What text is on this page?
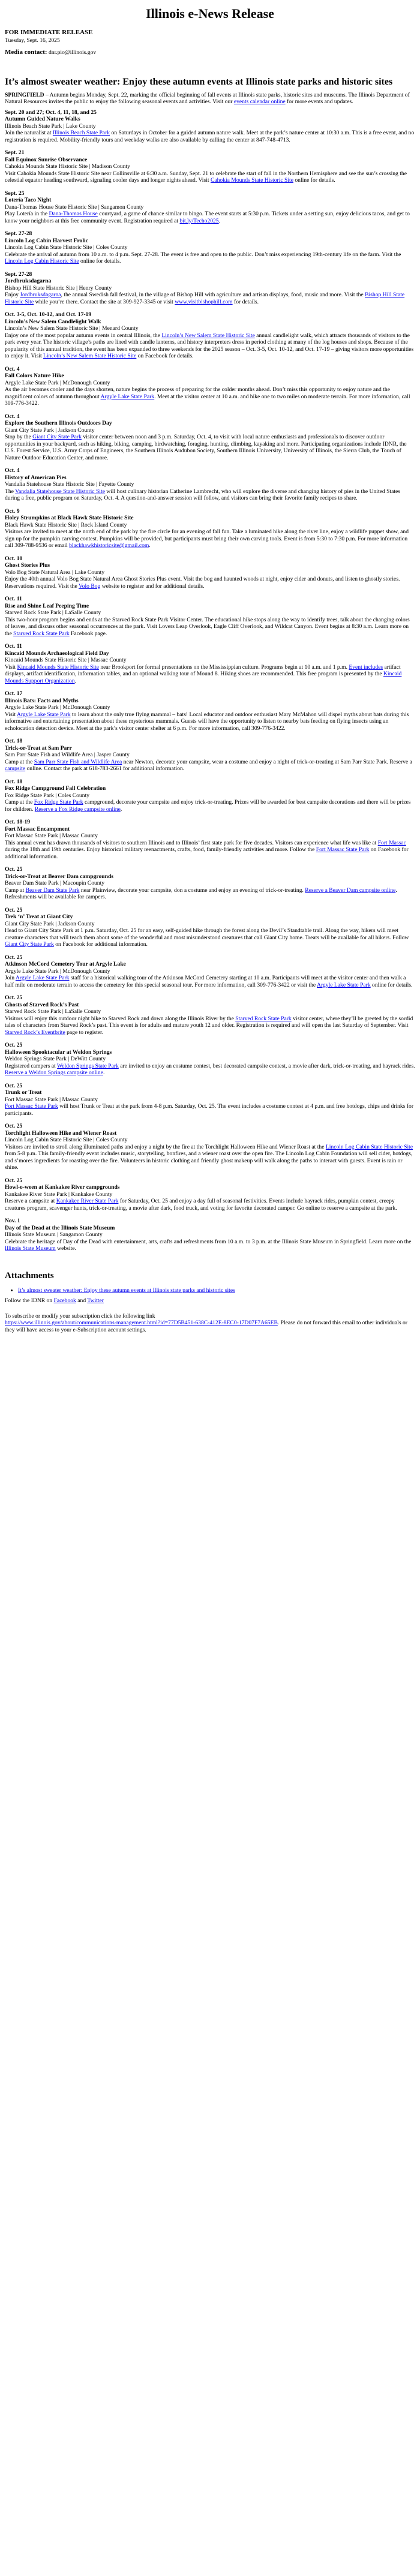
Illinois e-News Release
FOR IMMEDIATE RELEASE
Tuesday, Sept. 16, 2025
Media contact: dnr.pio@illinois.gov
It’s almost sweater weather: Enjoy these autumn events at Illinois state parks and historic sites

SPRINGFIELD – Autumn begins Monday, Sept. 22, marking the official beginning of fall events at Illinois state parks, historic sites and museums. The Illinois Department of Natural Resources invites the public to enjoy the following seasonal events and activities. Visit our events calendar online for more events and updates.

Sept. 20 and 27; Oct. 4, 11, 18, and 25
Autumn Guided Nature Walks
Illinois Beach State Park | Lake County
Join the naturalist at Illinois Beach State Park on Saturdays in October for a guided autumn nature walk. Meet at the park’s nature center at 10:30 a.m. This is a free event, and no registration is required. Mobility-friendly tours and weekday walks are also available by calling the center at 847-748-4713.
Sept. 21
Fall Equinox Sunrise Observance
Cahokia Mounds State Historic Site | Madison County
Visit Cahokia Mounds State Historic Site near Collinsville at 6:30 a.m. Sunday, Sept. 21 to celebrate the start of fall in the Northern Hemisphere and see the sun’s crossing the celestial equator heading southward, signaling cooler days and longer nights ahead. Visit Cahokia Mounds State Historic Site online for details.
Sept. 25
Lotería Taco Night
Dana-Thomas House State Historic Site | Sangamon County
Play Lotería in the Dana-Thomas House courtyard, a game of chance similar to bingo. The event starts at 5:30 p.m. Tickets under a setting sun, enjoy delicious tacos, and get to know your neighbors at this free community event. Registration required at bit.ly/Techo2025.
Sept. 27-28
Lincoln Log Cabin Harvest Frolic
Lincoln Log Cabin State Historic Site | Coles County
Celebrate the arrival of autumn from 10 a.m. to 4 p.m. Sept. 27-28. The event is free and open to the public. Don’t miss experiencing 19th-century life on the farm. Visit the Lincoln Log Cabin Historic Site online for details.
Sept. 27-28
Jordbruksdagarna
Bishop Hill State Historic Site | Henry County
Enjoy Jordbruksdagarna, the annual Swedish fall festival, in the village of Bishop Hill with agriculture and artisan displays, food, music and more. Visit the Bishop Hill State Historic Site while you’re there. Contact the site at 309-927-3345 or visit www.visitbishophill.com for details.
Oct. 3-5, Oct. 10-12, and Oct. 17-19
Lincoln’s New Salem Candlelight Walk
Lincoln’s New Salem State Historic Site | Menard County
Enjoy one of the most popular autumn events in central Illinois, the Lincoln’s New Salem State Historic Site annual candlelight walk, which attracts thousands of visitors to the park every year. The historic village’s paths are lined with candle lanterns, and history interpreters dress in period clothing at many of the log houses and shops. Because of the popularity of this annual tradition, the event has been expanded to three weekends for the 2025 season – Oct. 3-5, Oct. 10-12, and Oct. 17-19 – giving visitors more opportunities to enjoy it. Visit Lincoln’s New Salem State Historic Site on Facebook for details.
Oct. 4
Fall Colors Nature Hike
Argyle Lake State Park | McDonough County
As the air becomes cooler and the days shorten, nature begins the process of preparing for the colder months ahead. Don’t miss this opportunity to enjoy nature and the magnificent colors of autumn throughout Argyle Lake State Park. Meet at the visitor center at 10 a.m. and hike one to two miles on moderate terrain. For more information, call 309-776-3422.
Oct. 4
Explore the Southern Illinois Outdoors Day
Giant City State Park | Jackson County
Stop by the Giant City State Park visitor center between noon and 3 p.m. Saturday, Oct. 4, to visit with local nature enthusiasts and professionals to discover outdoor opportunities in your backyard, such as hiking, biking, camping, birdwatching, foraging, hunting, climbing, kayaking and more. Participating organizations include IDNR, the U.S. Forest Service, U.S. Army Corps of Engineers, the Southern Illinois Audubon Society, Southern Illinois University, University of Illinois, the Sierra Club, the Touch of Nature Outdoor Education Center, and more.
Oct. 4
History of American Pies
Vandalia Statehouse State Historic Site | Fayette County
The Vandalia Statehouse State Historic Site will host culinary historian Catherine Lambrecht, who will explore the diverse and changing history of pies in the United States during a free, public program on Saturday, Oct. 4. A question-and-answer session will follow, and visitors can bring their favorite family recipes to share.
Oct. 9
Holey Strumpkins at Black Hawk State Historic Site
Black Hawk State Historic Site | Rock Island County
Visitors are invited to meet at the north end of the park by the fire circle for an evening of fall fun. Take a luminated hike along the river line, enjoy a wildlife puppet show, and sign up for the pumpkin carving contest. Pumpkins will be provided, but participants must bring their own carving tools. Event is from 5:30 to 7:30 p.m. For more information call 309-788-9536 or email blackhawkhistoricsite@gmail.com.
Oct. 10
Ghost Stories Plus
Volo Bog State Natural Area | Lake County
Enjoy the 40th annual Volo Bog State Natural Area Ghost Stories Plus event. Visit the bog and haunted woods at night, enjoy cider and donuts, and listen to ghostly stories. Reservations required. Visit the Volo Bog website to register and for additional details.
Oct. 11
Rise and Shine Leaf Peeping Time
Starved Rock State Park | LaSalle County
This two-hour program begins and ends at the Starved Rock State Park Visitor Center. The educational hike stops along the way to identify trees, talk about the changing colors of leaves, and discuss other seasonal occurrences at the park. Visit Lovers Leap Overlook, Eagle Cliff Overlook, and Wildcat Canyon. Event begins at 8:30 a.m. Learn more on the Starved Rock State Park Facebook page.
Oct. 11
Kincaid Mounds Archaeological Field Day
Kincaid Mounds State Historic Site | Massac County
Visit Kincaid Mounds State Historic Site near Brookport for formal presentations on the Mississippian culture. Programs begin at 10 a.m. and 1 p.m. Event includes artifact displays, artifact identification, information tables, and an optional walking tour of Mound 8. Hiking shoes are recommended. This free program is presented by the Kincaid Mounds Support Organization.
Oct. 17
Illinois Bats: Facts and Myths
Argyle Lake State Park | McDonough County
Visit Argyle Lake State Park to learn about the only true flying mammal – bats! Local educator and outdoor enthusiast Mary McMahon will dispel myths about bats during this informative and entertaining presentation about these mysterious mammals. Guests will have the opportunity to listen to nearby bats feeding on flying insects using an echolocation detection device. Meet at the park’s visitor center shelter at 6 p.m. For more information, call 309-776-3422.
Oct. 18
Trick-or-Treat at Sam Parr
Sam Parr State Fish and Wildlife Area | Jasper County
Camp at the Sam Parr State Fish and Wildlife Area near Newton, decorate your campsite, wear a costume and enjoy a night of trick-or-treating at Sam Parr State Park. Reserve a campsite online. Contact the park at 618-783-2661 for additional information.
Oct. 18
Fox Ridge Campground Fall Celebration
Fox Ridge State Park | Coles County
Camp at the Fox Ridge State Park campground, decorate your campsite and enjoy trick-or-treating. Prizes will be awarded for best campsite decorations and there will be prizes for children. Reserve a Fox Ridge campsite online.
Oct. 18-19
Fort Massac Encampment
Fort Massac State Park | Massac County
This annual event has drawn thousands of visitors to southern Illinois and to Illinois’ first state park for five decades. Visitors can experience what life was like at Fort Massac during the 18th and 19th centuries. Enjoy historical military reenactments, crafts, food, family-friendly activities and more. Follow the Fort Massac State Park on Facebook for additional information.
Oct. 25
Trick-or-Treat at Beaver Dam campgrounds
Beaver Dam State Park | Macoupin County
Camp at Beaver Dam State Park near Plainview, decorate your campsite, don a costume and enjoy an evening of trick-or-treating. Reserve a Beaver Dam campsite online. Refreshments will be available for campers.
Oct. 25
Trek ‘n’ Treat at Giant City
Giant City State Park | Jackson County
Head to Giant City State Park at 1 p.m. Saturday, Oct. 25 for an easy, self-guided hike through the forest along the Devil’s Standtable trail. Along the way, hikers will meet creature characters that will teach them about some of the wonderful and most misunderstood creatures that call Giant City home. Treats will be available for all hikers. Follow Giant City State Park on Facebook for additional information.
Oct. 25
Atkinson McCord Cemetery Tour at Argyle Lake
Argyle Lake State Park | McDonough County
Join Argyle Lake State Park staff for a historical walking tour of the Atkinson McCord Cemetery starting at 10 a.m. Participants will meet at the visitor center and then walk a half mile on moderate terrain to access the cemetery for this special seasonal tour. For more information, call 309-776-3422 or visit the Argyle Lake State Park online for details.
Oct. 25
Ghosts of Starved Rock’s Past
Starved Rock State Park | LaSalle County
Visitors will enjoy this outdoor night hike to Starved Rock and down along the Illinois River by the Starved Rock State Park visitor center, where they’ll be greeted by the sordid tales of characters from Starved Rock’s past. This event is for adults and mature youth 12 and older. Registration is required and will open the last Saturday of September. Visit Starved Rock’s Eventbrite page to register.
Oct. 25
Halloween Spooktacular at Weldon Springs
Weldon Springs State Park | DeWitt County
Registered campers at Weldon Springs State Park are invited to enjoy an costume contest, best decorated campsite contest, a movie after dark, trick-or-treating, and hayrack rides. Reserve a Weldon Springs campsite online.
Oct. 25
Trunk or Treat
Fort Massac State Park | Massac County
Fort Massac State Park will host Trunk or Treat at the park from 4-8 p.m. Saturday, Oct. 25. The event includes a costume contest at 4 p.m. and free hotdogs, chips and drinks for participants.
Oct. 25
Torchlight Halloween Hike and Wiener Roast
Lincoln Log Cabin State Historic Site | Coles County
Visitors are invited to stroll along illuminated paths and enjoy a night by the fire at the Torchlight Halloween Hike and Wiener Roast at the Lincoln Log Cabin State Historic Site from 5-8 p.m. This family-friendly event includes music, storytelling, bonfires, and a wiener roast over the open fire. The Lincoln Log Cabin Foundation will sell cider, hotdogs, and s’mores ingredients for roasting over the fire. Volunteers in historic clothing and friendly ghost makeup will walk along the paths to interact with guests. Event is rain or shine.
Oct. 25
Howl-o-ween at Kankakee River campgrounds
Kankakee River State Park | Kankakee County
Reserve a campsite at Kankakee River State Park for Saturday, Oct. 25 and enjoy a day full of seasonal festivities. Events include hayrack rides, pumpkin contest, creepy creatures program, scavenger hunts, trick-or-treating, a movie after dark, food truck, and voting for favorite decorated camper. Go online to reserve a campsite at the park.
Nov. 1
Day of the Dead at the Illinois State Museum
Illinois State Museum | Sangamon County
Celebrate the heritage of Day of the Dead with entertainment, arts, crafts and refreshments from 10 a.m. to 3 p.m. at the Illinois State Museum in Springfield. Learn more on the Illinois State Museum website.
Attachments
• It’s almost sweater weather: Enjoy these autumn events at Illinois state parks and historic sites

Follow the IDNR on Facebook and Twitter

To subscribe or modify your subscription click the following link
https://www.illinois.gov/about/communications-management.html?id=77D5B451-638C-412E-8EC0-17D07F7A65EB. Please do not forward this email to other individuals or they will have access to your e-Subscription account settings.
